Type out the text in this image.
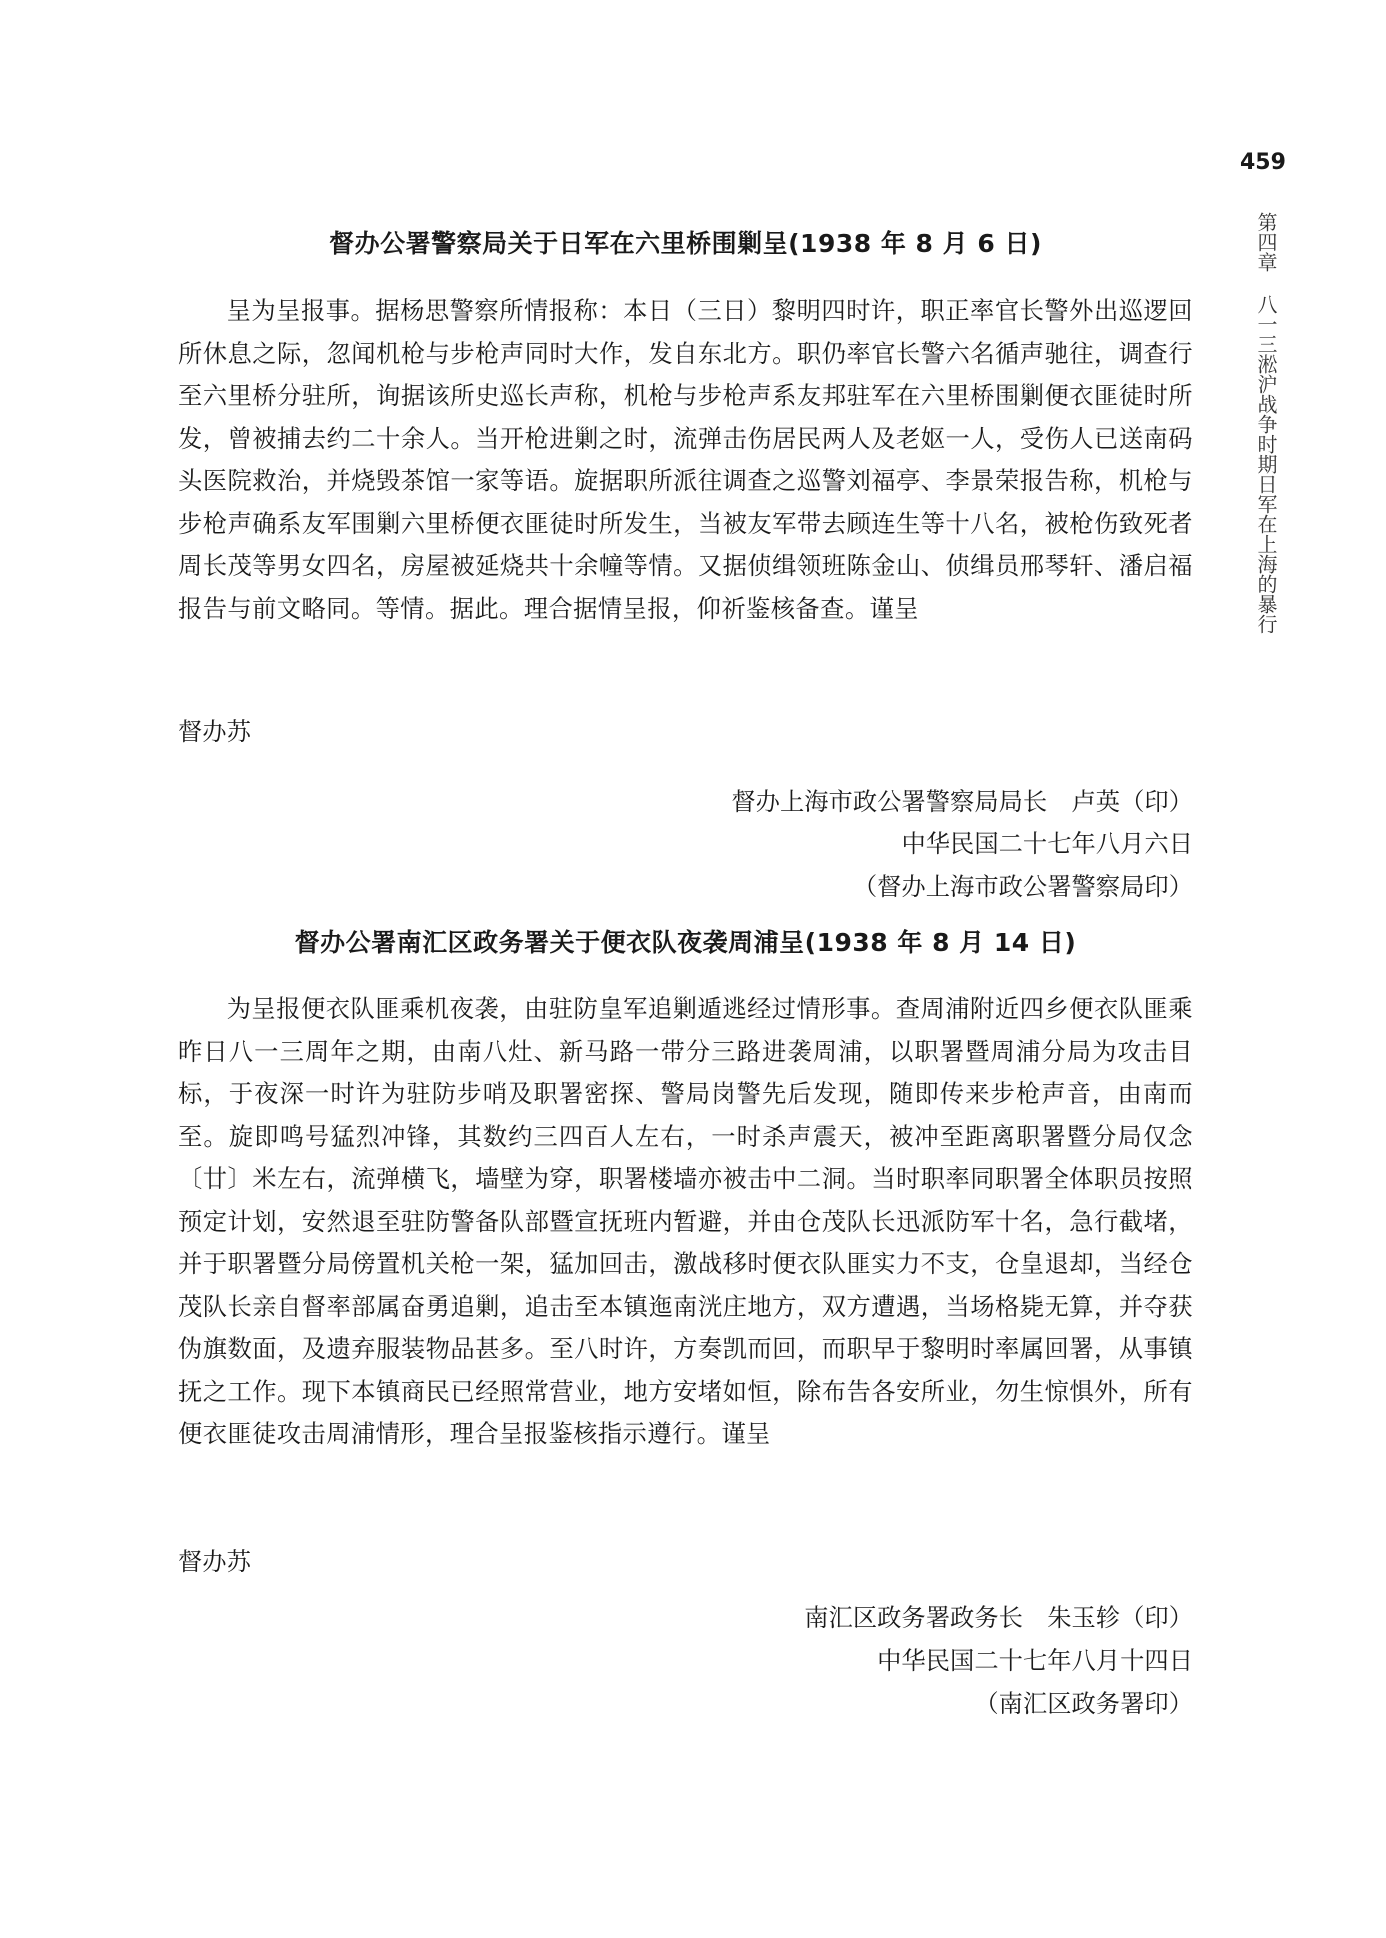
459
第四章八一三淞沪战争时期日军在上海的暴行
督办公署警察局关于日军在六里桥围剿呈(1938 年 8 月 6 日)

呈为呈报事。据杨思警察所情报称：本日（三日）黎明四时许，职正率官长警外出巡逻回所休息之际，忽闻机枪与步枪声同时大作，发自东北方。职仍率官长警六名循声驰往，调查行至六里桥分驻所，询据该所史巡长声称，机枪与步枪声系友邦驻军在六里桥围剿便衣匪徒时所发，曾被捕去约二十余人。当开枪进剿之时，流弹击伤居民两人及老妪一人，受伤人已送南码头医院救治，并烧毁茶馆一家等语。旋据职所派往调查之巡警刘福亭、李景荣报告称，机枪与步枪声确系友军围剿六里桥便衣匪徒时所发生，当被友军带去顾连生等十八名，被枪伤致死者周长茂等男女四名，房屋被延烧共十余幢等情。又据侦缉领班陈金山、侦缉员邢琴轩、潘启福报告与前文略同。等情。据此。理合据情呈报，仰祈鉴核备查。谨呈

督办苏
督办上海市政公署警察局局长　卢英（印）
中华民国二十七年八月六日
（督办上海市政公署警察局印）
督办公署南汇区政务署关于便衣队夜袭周浦呈(1938 年 8 月 14 日)

为呈报便衣队匪乘机夜袭，由驻防皇军追剿遁逃经过情形事。查周浦附近四乡便衣队匪乘昨日八一三周年之期，由南八灶、新马路一带分三路进袭周浦，以职署暨周浦分局为攻击目标，于夜深一时许为驻防步哨及职署密探、警局岗警先后发现，随即传来步枪声音，由南而至。旋即鸣号猛烈冲锋，其数约三四百人左右，一时杀声震天，被冲至距离职署暨分局仅念〔廿〕米左右，流弹横飞，墙壁为穿，职署楼墙亦被击中二洞。当时职率同职署全体职员按照预定计划，安然退至驻防警备队部暨宣抚班内暂避，并由仓茂队长迅派防军十名，急行截堵，并于职署暨分局傍置机关枪一架，猛加回击，激战移时便衣队匪实力不支，仓皇退却，当经仓茂队长亲自督率部属奋勇追剿，追击至本镇迤南洸庄地方，双方遭遇，当场格毙无算，并夺获伪旗数面，及遗弃服装物品甚多。至八时许，方奏凯而回，而职早于黎明时率属回署，从事镇抚之工作。现下本镇商民已经照常营业，地方安堵如恒，除布告各安所业，勿生惊惧外，所有便衣匪徒攻击周浦情形，理合呈报鉴核指示遵行。谨呈

督办苏
南汇区政务署政务长　朱玉轸（印）
中华民国二十七年八月十四日
（南汇区政务署印）
